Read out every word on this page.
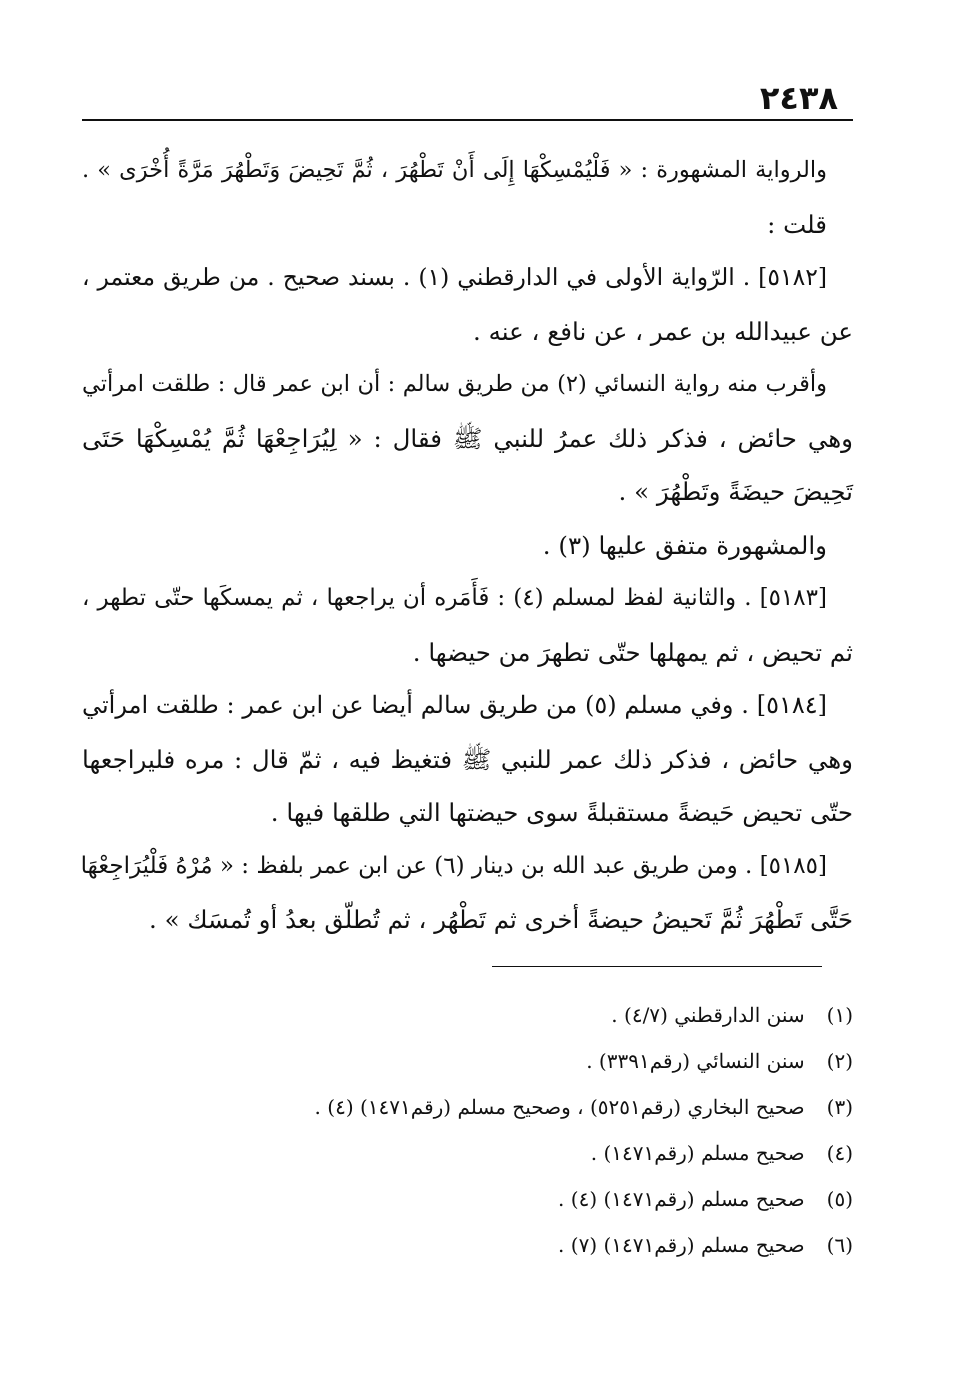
٢٤٣٨
والرواية المشهورة : « فَلْيُمْسِكْهَا إِلَى أَنْ تَطْهُرَ ، ثُمَّ تَحِيضَ وَتَطْهُرَ مَرَّةً أُخْرَى » .
قلت :
[٥١٨٢] . الرّواية الأولى في الدارقطني (١) . بسند صحيح . من طريق معتمر ،
عن عبيدالله بن عمر ، عن نافع ، عنه .
وأقرب منه رواية النسائي (٢) من طريق سالم : أن ابن عمر قال : طلقت امرأتي
وهي حائض ، فذكر ذلك عمرُ للنبي ﷺ فقال : « لِيُرَاجِعْهَا ثُمَّ يُمْسِكْهَا حَتَى
تَحِيضَ حيضَةً وتَطْهُرَ » .
والمشهورة متفق عليها (٣) .
[٥١٨٣] . والثانية لفظ لمسلم (٤) : فَأَمَره أن يراجعها ، ثم يمسكَها حتّى تطهر ،
ثم تحيض ، ثم يمهلها حتّى تطهرَ من حيضها .
[٥١٨٤] . وفي مسلم (٥) من طريق سالم أيضا عن ابن عمر : طلقت امرأتي
وهي حائض ، فذكر ذلك عمر للنبي ﷺ فتغيظ فيه ، ثمّ قال : مره فليراجعها
حتّى تحيض حَيضةً مستقبلةً سوى حيضتها التي طلقها فيها .
[٥١٨٥] . ومن طريق عبد الله بن دينار (٦) عن ابن عمر بلفظ : « مُرْهُ فَلْيُرَاجِعْهَا
حَتَّى تَطْهُرَ ثُمَّ تَحيضُ حيضةً أخرى ثم تَطْهُر ، ثم تُطلّق بعدُ أو تُمسَك » .
(١) سنن الدارقطني (٤/٧) .
(٢) سنن النسائي (رقم٣٣٩١) .
(٣) صحيح البخاري (رقم٥٢٥١) ، وصحيح مسلم (رقم١٤٧١) (٤) .
(٤) صحيح مسلم (رقم١٤٧١) .
(٥) صحيح مسلم (رقم١٤٧١) (٤) .
(٦) صحيح مسلم (رقم١٤٧١) (٧) .
